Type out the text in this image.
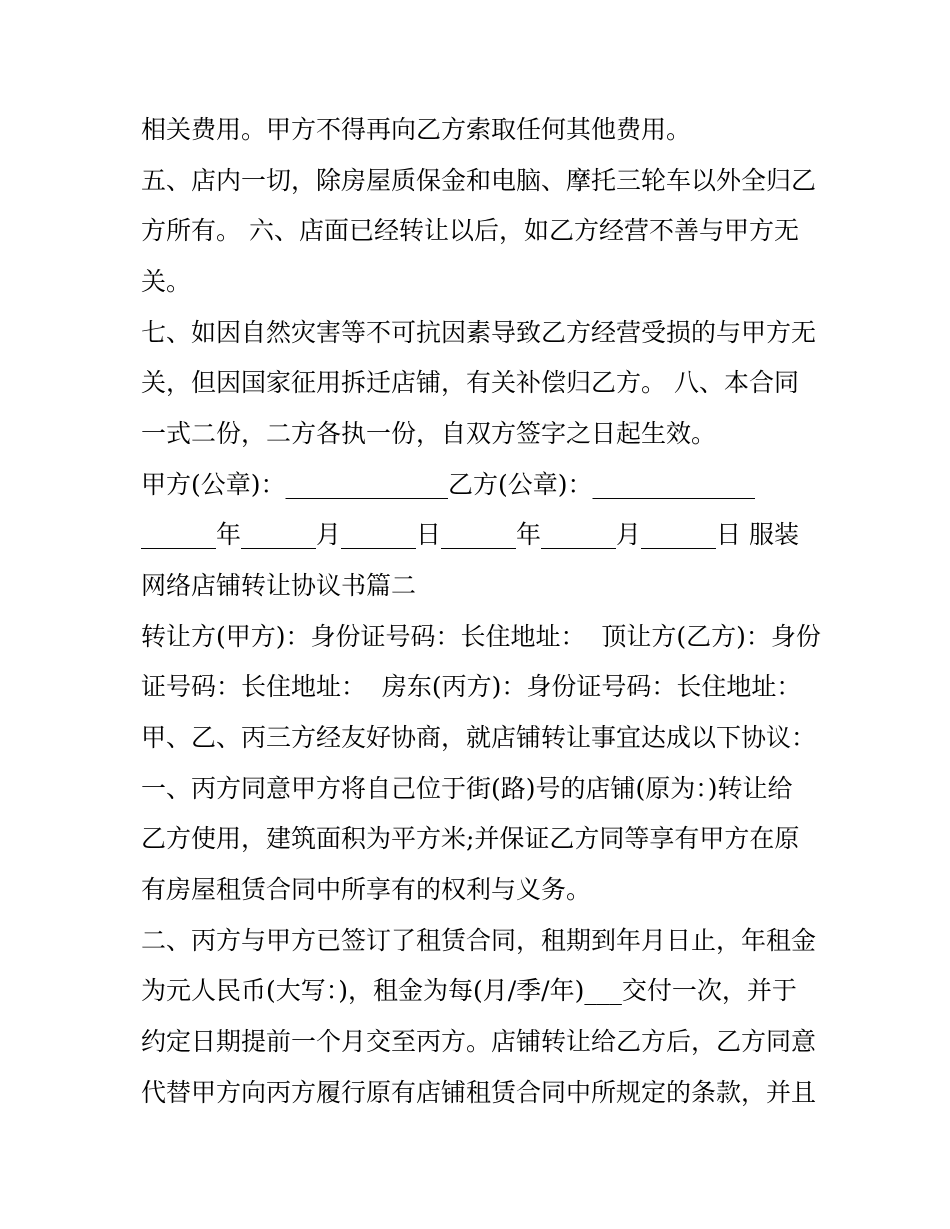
相关费用。甲方不得再向乙方索取任何其他费用。

五、店内一切，除房屋质保金和电脑、摩托三轮车以外全归乙

方所有。 六、店面已经转让以后，如乙方经营不善与甲方无

关。

七、如因自然灾害等不可抗因素导致乙方经营受损的与甲方无

关，但因国家征用拆迁店铺，有关补偿归乙方。 八、本合同

一式二份，二方各执一份，自双方签字之日起生效。

甲方(公章)：_____________乙方(公章)：_____________

______年______月______日______年______月______日 服装

网络店铺转让协议书篇二

转让方(甲方)：身份证号码：长住地址：  顶让方(乙方)：身份

证号码：长住地址：  房东(丙方)：身份证号码：长住地址：

甲、乙、丙三方经友好协商，就店铺转让事宜达成以下协议：

一、丙方同意甲方将自己位于街(路)号的店铺(原为：)转让给

乙方使用，建筑面积为平方米;并保证乙方同等享有甲方在原

有房屋租赁合同中所享有的权利与义务。

二、丙方与甲方已签订了租赁合同，租期到年月日止，年租金

为元人民币(大写：)，租金为每(月/季/年)___交付一次，并于

约定日期提前一个月交至丙方。店铺转让给乙方后，乙方同意

代替甲方向丙方履行原有店铺租赁合同中所规定的条款，并且
